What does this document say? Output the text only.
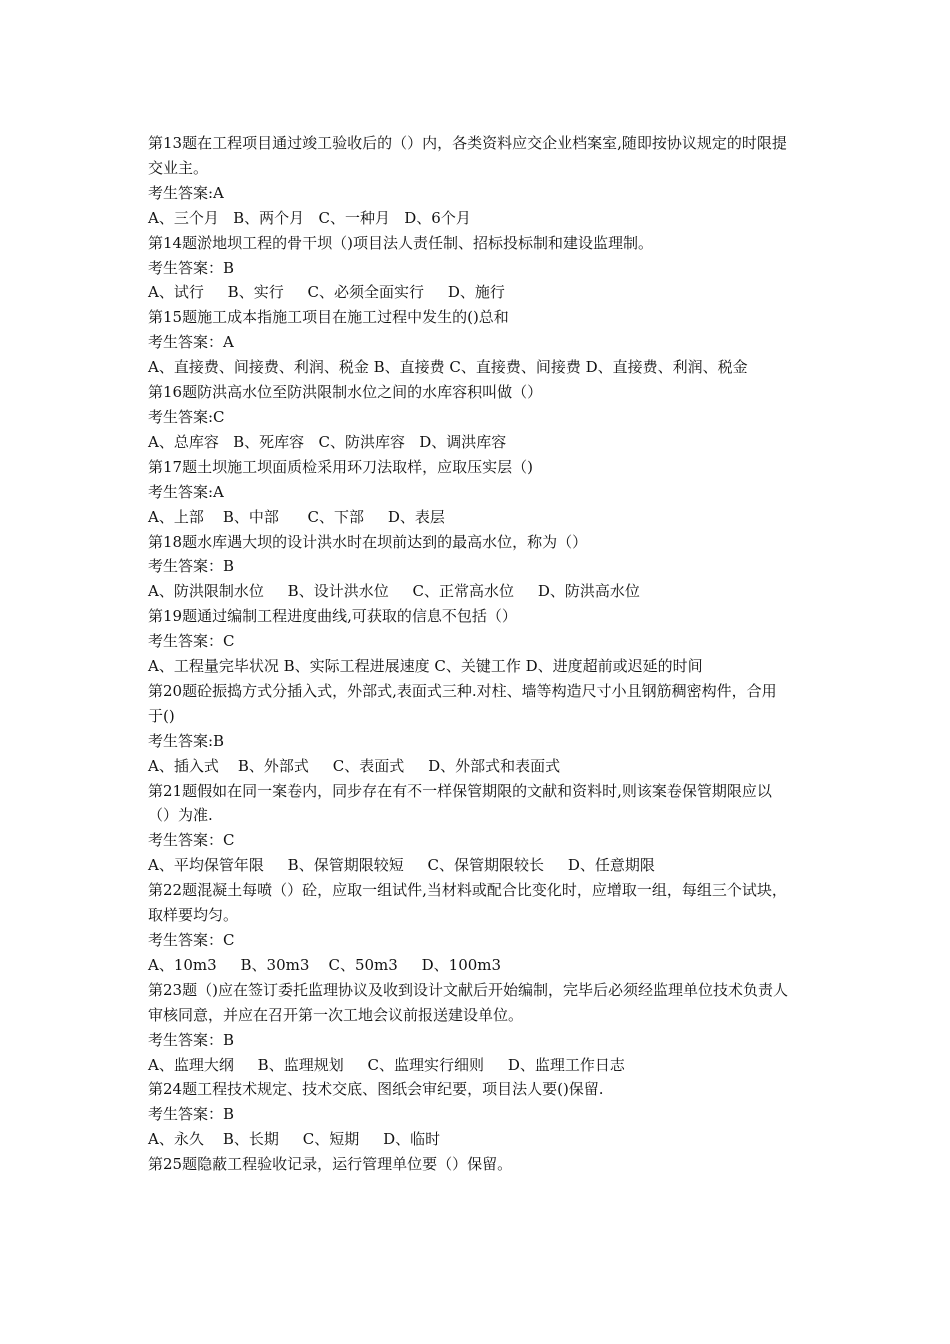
第13题在工程项目通过竣工验收后的（）内，各类资料应交企业档案室,随即按协议规定的时限提交业主。
考生答案:A
A、三个月   B、两个月   C、一种月   D、6个月
第14题淤地坝工程的骨干坝（)项目法人责任制、招标投标制和建设监理制。
考生答案：B
A、试行     B、实行     C、必须全面实行     D、施行
第15题施工成本指施工项目在施工过程中发生的()总和
考生答案：A
A、直接费、间接费、利润、税金 B、直接费 C、直接费、间接费 D、直接费、利润、税金
第16题防洪高水位至防洪限制水位之间的水库容积叫做（）
考生答案:C
A、总库容   B、死库容   C、防洪库容   D、调洪库容
第17题土坝施工坝面质检采用环刀法取样，应取压实层（)
考生答案:A
A、上部    B、中部      C、下部     D、表层
第18题水库遇大坝的设计洪水时在坝前达到的最高水位，称为（）
考生答案：B
A、防洪限制水位     B、设计洪水位     C、正常高水位     D、防洪高水位
第19题通过编制工程进度曲线,可获取的信息不包括（）
考生答案：C
A、工程量完毕状况 B、实际工程进展速度 C、关键工作 D、进度超前或迟延的时间
第20题砼振捣方式分插入式，外部式,表面式三种.对柱、墙等构造尺寸小且钢筋稠密构件，合用于()
考生答案:B
A、插入式    B、外部式     C、表面式     D、外部式和表面式
第21题假如在同一案卷内，同步存在有不一样保管期限的文献和资料时,则该案卷保管期限应以（）为准.
考生答案：C
A、平均保管年限     B、保管期限较短     C、保管期限较长     D、任意期限
第22题混凝土每喷（）砼，应取一组试件,当材料或配合比变化时，应增取一组，每组三个试块，取样要均匀。
考生答案：C
A、10m3     B、30m3    C、50m3     D、100m3
第23题（)应在签订委托监理协议及收到设计文献后开始编制，完毕后必须经监理单位技术负责人审核同意，并应在召开第一次工地会议前报送建设单位。
考生答案：B
A、监理大纲     B、监理规划     C、监理实行细则     D、监理工作日志
第24题工程技术规定、技术交底、图纸会审纪要，项目法人要()保留.
考生答案：B
A、永久    B、长期     C、短期     D、临时
第25题隐蔽工程验收记录，运行管理单位要（）保留。
